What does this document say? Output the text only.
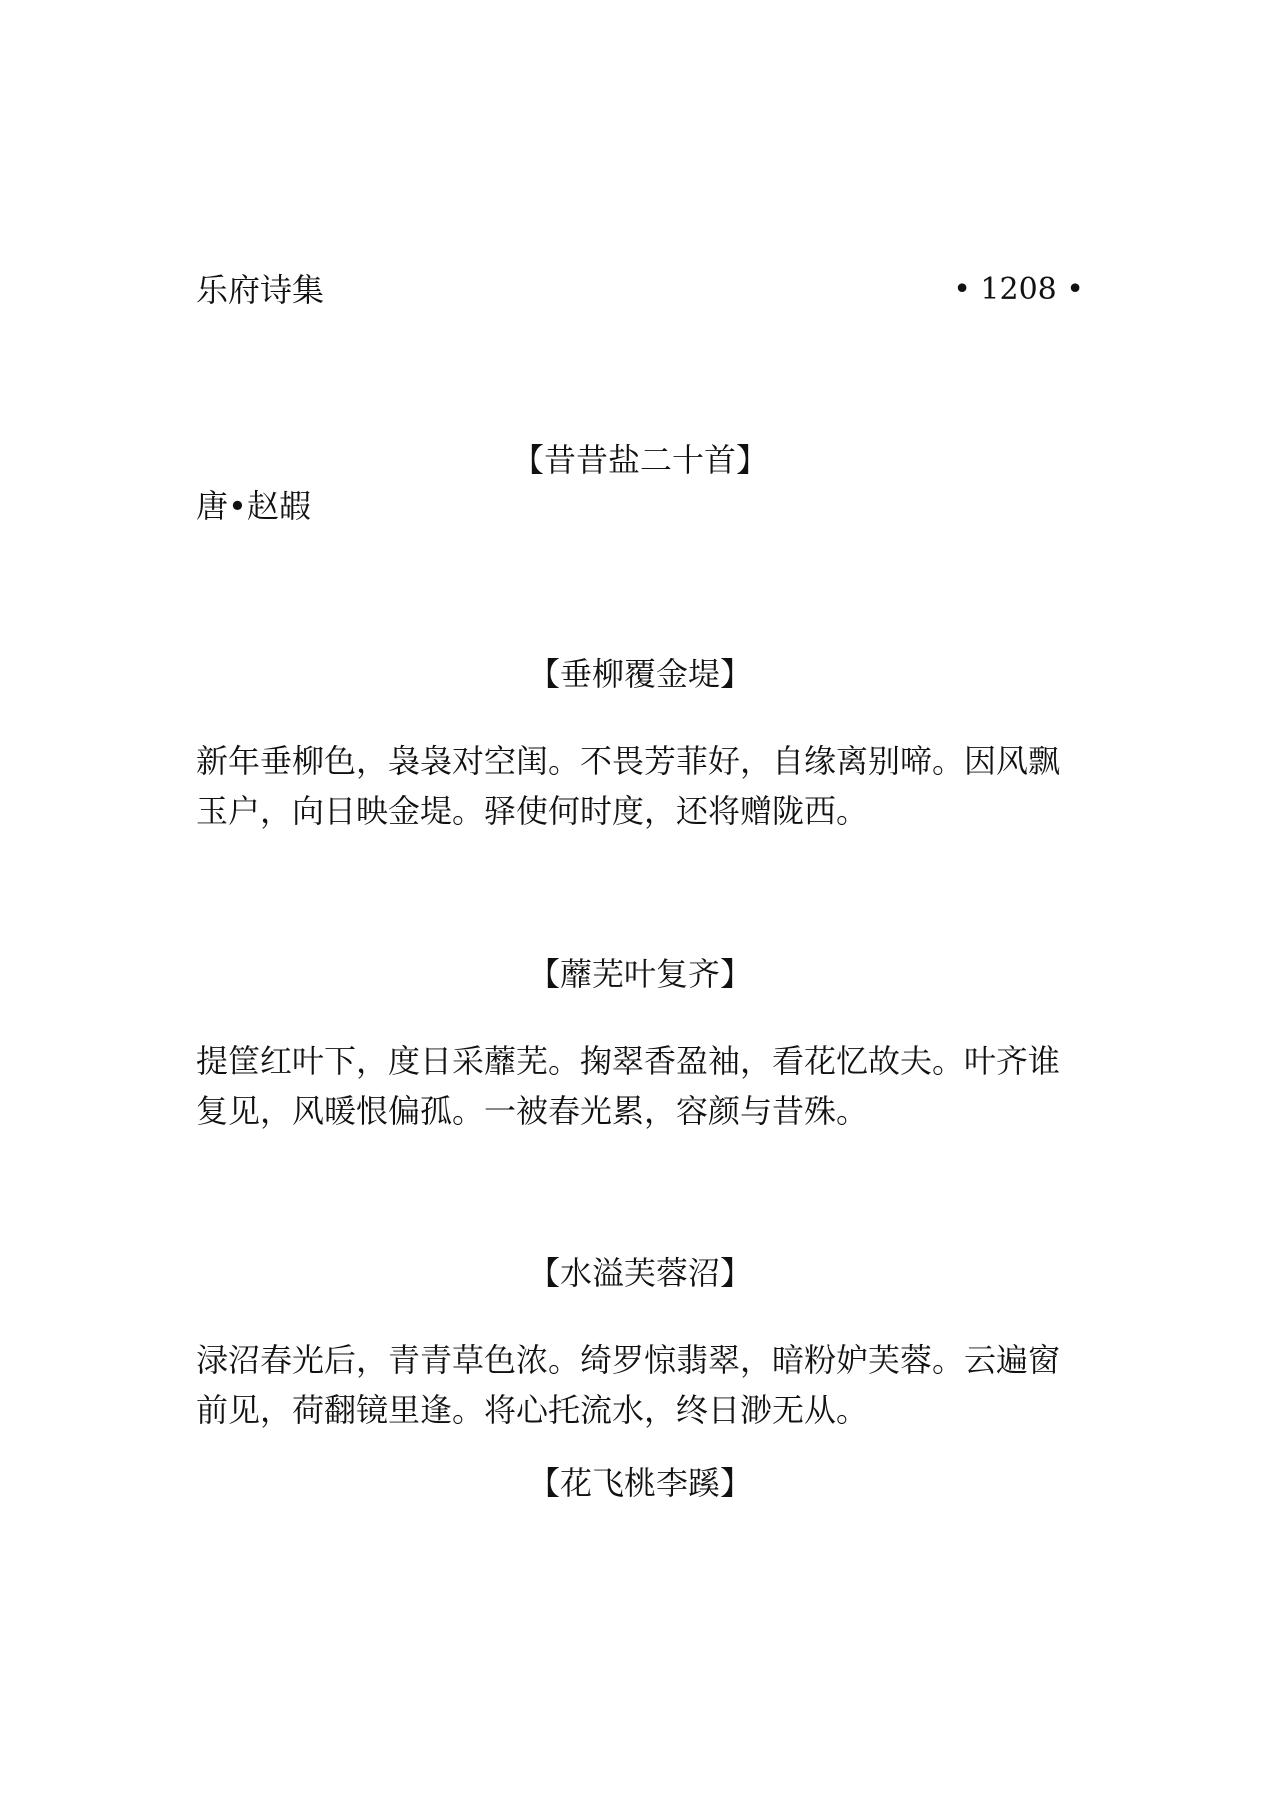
乐府诗集	• 1208 •
【昔昔盐二十首】
唐•赵嘏
【垂柳覆金堤】

新年垂柳色，袅袅对空闺。不畏芳菲好，自缘离别啼。因风飘玉户，向日映金堤。驿使何时度，还将赠陇西。

【蘼芜叶复齐】

提筐红叶下，度日采蘼芜。掬翠香盈袖，看花忆故夫。叶齐谁复见，风暖恨偏孤。一被春光累，容颜与昔殊。

【水溢芙蓉沼】

渌沼春光后，青青草色浓。绮罗惊翡翠，暗粉妒芙蓉。云遍窗前见，荷翻镜里逢。将心托流水，终日渺无从。

【花飞桃李蹊】
